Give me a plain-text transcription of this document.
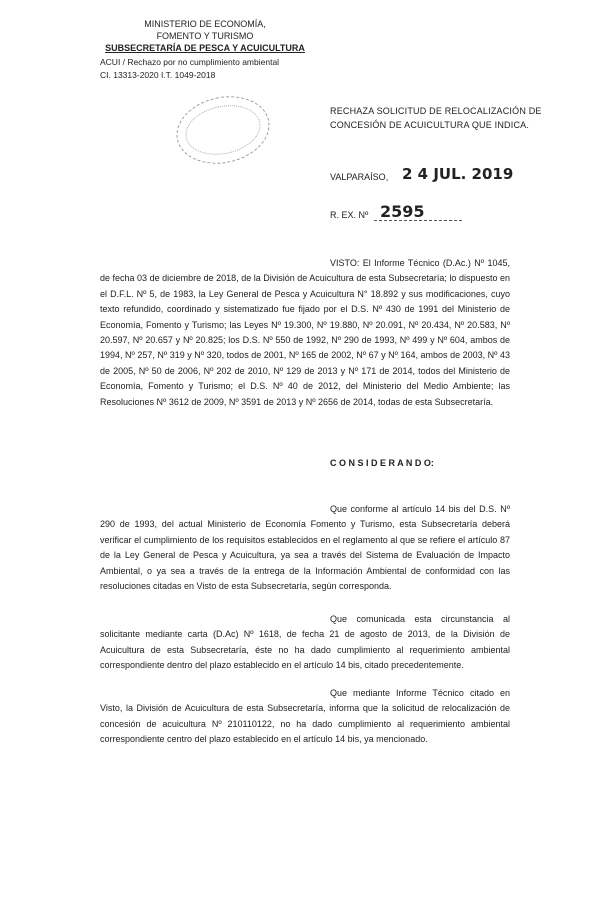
MINISTERIO DE ECONOMÍA,
FOMENTO Y TURISMO
SUBSECRETARÍA DE PESCA Y ACUICULTURA
ACUI / Rechazo por no cumplimiento ambiental
CI. 13313-2020 I.T. 1049-2018
RECHAZA SOLICITUD DE RELOCALIZACIÓN DE
CONCESIÓN DE ACUICULTURA QUE INDICA.
VALPARAÍSO, 2 4 JUL. 2019
R. EX. Nº 2595
VISTO: El Informe Técnico (D.Ac.) Nº 1045, de fecha 03 de diciembre de 2018, de la División de Acuicultura de esta Subsecretaría; lo dispuesto en el D.F.L. Nº 5, de 1983, la Ley General de Pesca y Acuicultura N° 18.892 y sus modificaciones, cuyo texto refundido, coordinado y sistematizado fue fijado por el D.S. Nº 430 de 1991 del Ministerio de Economía, Fomento y Turismo; las Leyes Nº 19.300, Nº 19.880, Nº 20.091, Nº 20.434, Nº 20.583, Nº 20.597, Nº 20.657 y Nº 20.825; los D.S. Nº 550 de 1992, Nº 290 de 1993, Nº 499 y Nº 604, ambos de 1994, Nº 257, Nº 319 y Nº 320, todos de 2001, Nº 165 de 2002, Nº 67 y Nº 164, ambos de 2003, Nº 43 de 2005, Nº 50 de 2006, Nº 202 de 2010, Nº 129 de 2013 y Nº 171 de 2014, todos del Ministerio de Economía, Fomento y Turismo; el D.S. Nº 40 de 2012, del Ministerio del Medio Ambiente; las Resoluciones Nº 3612 de 2009, Nº 3591 de 2013 y Nº 2656 de 2014, todas de esta Subsecretaría.
C O N S I D E R A N D O:
Que conforme al artículo 14 bis del D.S. Nº 290 de 1993, del actual Ministerio de Economía Fomento y Turismo, esta Subsecretaría deberá verificar el cumplimiento de los requisitos establecidos en el reglamento al que se refiere el artículo 87 de la Ley General de Pesca y Acuicultura, ya sea a través del Sistema de Evaluación de Impacto Ambiental, o ya sea a través de la entrega de la Información Ambiental de conformidad con las resoluciones citadas en Visto de esta Subsecretaría, según corresponda.
Que comunicada esta circunstancia al solicitante mediante carta (D.Ac) Nº 1618, de fecha 21 de agosto de 2013, de la División de Acuicultura de esta Subsecretaría, éste no ha dado cumplimiento al requerimiento ambiental correspondiente dentro del plazo establecido en el artículo 14 bis, citado precedentemente.
Que mediante Informe Técnico citado en Visto, la División de Acuicultura de esta Subsecretaría, informa que la solicitud de relocalización de concesión de acuicultura Nº 210110122, no ha dado cumplimiento al requerimiento ambiental correspondiente centro del plazo establecido en el artículo 14 bis, ya mencionado.
